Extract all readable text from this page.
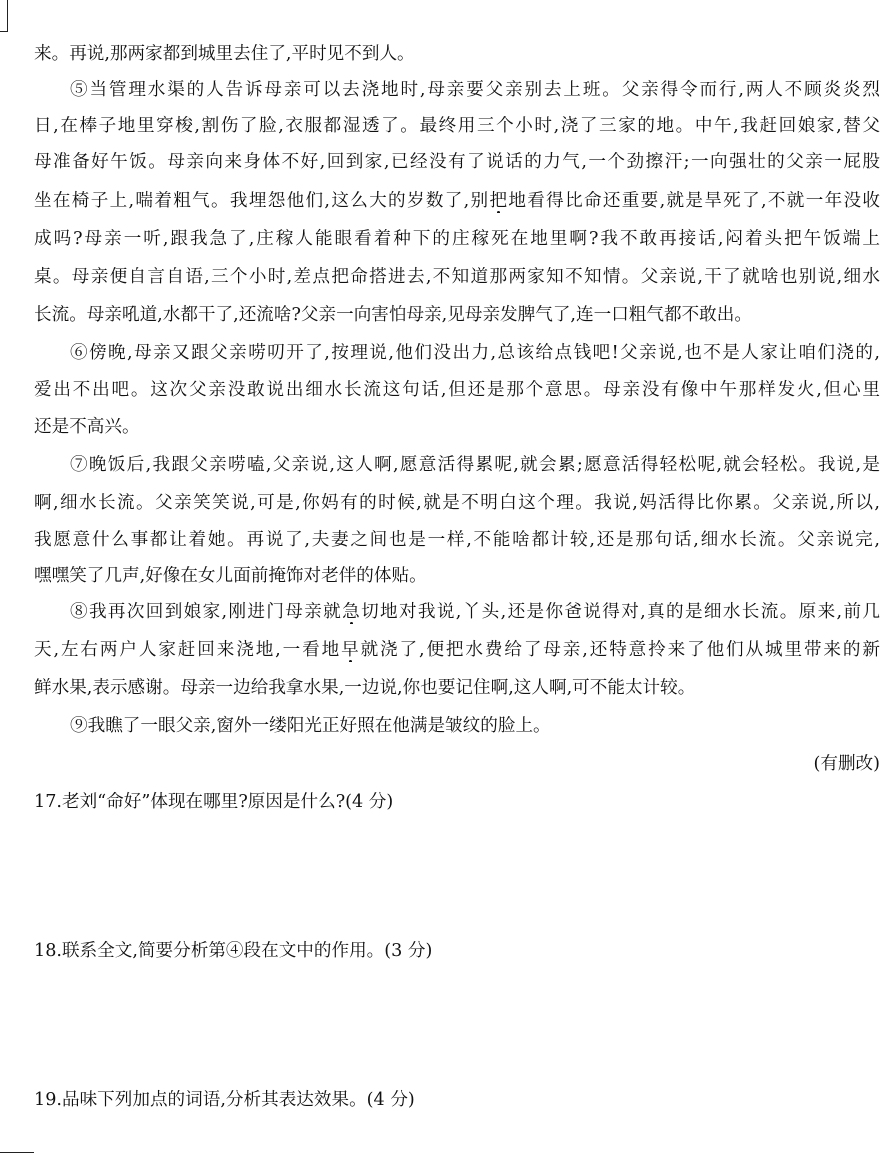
来。再说,那两家都到城里去住了,平时见不到人。
⑤当管理水渠的人告诉母亲可以去浇地时,母亲要父亲别去上班。父亲得令而行,两人不顾炎炎烈
日,在棒子地里穿梭,割伤了脸,衣服都湿透了。最终用三个小时,浇了三家的地。中午,我赶回娘家,替父
母准备好午饭。母亲向来身体不好,回到家,已经没有了说话的力气,一个劲擦汗;一向强壮的父亲一屁股
坐在椅子上,喘着粗气。我埋怨他们,这么大的岁数了,别把地看得比命还重要,就是旱死了,不就一年没收
成吗?母亲一听,跟我急了,庄稼人能眼看着种下的庄稼死在地里啊?我不敢再接话,闷着头把午饭端上
桌。母亲便自言自语,三个小时,差点把命搭进去,不知道那两家知不知情。父亲说,干了就啥也别说,细水
长流。母亲吼道,水都干了,还流啥?父亲一向害怕母亲,见母亲发脾气了,连一口粗气都不敢出。
⑥傍晚,母亲又跟父亲唠叨开了,按理说,他们没出力,总该给点钱吧!父亲说,也不是人家让咱们浇的,
爱出不出吧。这次父亲没敢说出细水长流这句话,但还是那个意思。母亲没有像中午那样发火,但心里
还是不高兴。
⑦晚饭后,我跟父亲唠嗑,父亲说,这人啊,愿意活得累呢,就会累;愿意活得轻松呢,就会轻松。我说,是
啊,细水长流。父亲笑笑说,可是,你妈有的时候,就是不明白这个理。我说,妈活得比你累。父亲说,所以,
我愿意什么事都让着她。再说了,夫妻之间也是一样,不能啥都计较,还是那句话,细水长流。父亲说完,
嘿嘿笑了几声,好像在女儿面前掩饰对老伴的体贴。
⑧我再次回到娘家,刚进门母亲就急切地对我说,丫头,还是你爸说得对,真的是细水长流。原来,前几
天,左右两户人家赶回来浇地,一看地早就浇了,便把水费给了母亲,还特意拎来了他们从城里带来的新
鲜水果,表示感谢。母亲一边给我拿水果,一边说,你也要记住啊,这人啊,可不能太计较。
⑨我瞧了一眼父亲,窗外一缕阳光正好照在他满是皱纹的脸上。
(有删改)
17.老刘“命好”体现在哪里?原因是什么?(4 分)
18.联系全文,简要分析第④段在文中的作用。(3 分)
19.品味下列加点的词语,分析其表达效果。(4 分)
